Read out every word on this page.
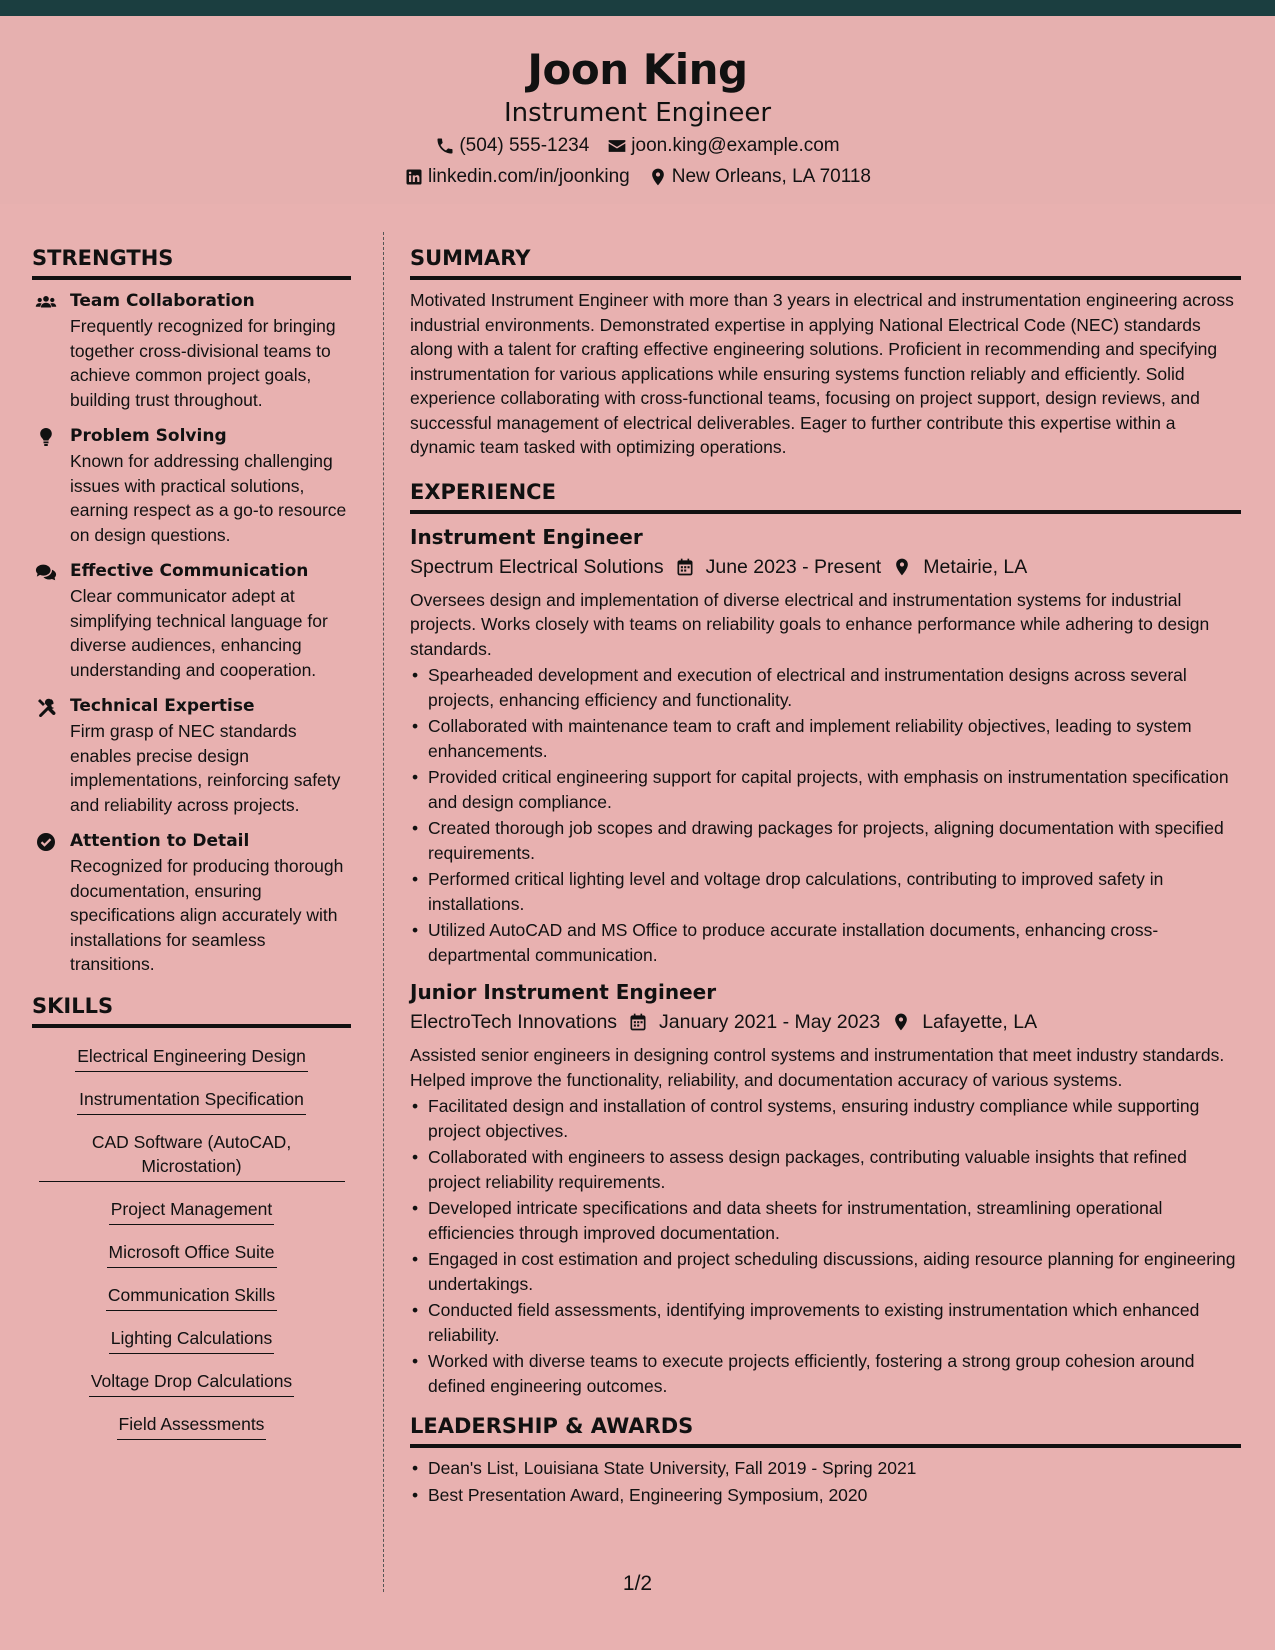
Joon King
Instrument Engineer
(504) 555-1234 joon.king@example.com
linkedin.com/in/joonking New Orleans, LA 70118
STRENGTHS
Team Collaboration

Frequently recognized for bringing together cross-divisional teams to achieve common project goals, building trust throughout.

Problem Solving

Known for addressing challenging issues with practical solutions, earning respect as a go-to resource on design questions.

Effective Communication

Clear communicator adept at simplifying technical language for diverse audiences, enhancing understanding and cooperation.

Technical Expertise

Firm grasp of NEC standards enables precise design implementations, reinforcing safety and reliability across projects.

Attention to Detail

Recognized for producing thorough documentation, ensuring specifications align accurately with installations for seamless transitions.

SKILLS
Electrical Engineering Design
Instrumentation Specification
CAD Software (AutoCAD, Microstation)
Project Management
Microsoft Office Suite
Communication Skills
Lighting Calculations
Voltage Drop Calculations
Field Assessments
SUMMARY

Motivated Instrument Engineer with more than 3 years in electrical and instrumentation engineering across industrial environments. Demonstrated expertise in applying National Electrical Code (NEC) standards along with a talent for crafting effective engineering solutions. Proficient in recommending and specifying instrumentation for various applications while ensuring systems function reliably and efficiently. Solid experience collaborating with cross-functional teams, focusing on project support, design reviews, and successful management of electrical deliverables. Eager to further contribute this expertise within a dynamic team tasked with optimizing operations.

EXPERIENCE
Instrument Engineer
Spectrum Electrical Solutions June 2023 - Present Metairie, LA

Oversees design and implementation of diverse electrical and instrumentation systems for industrial projects. Works closely with teams on reliability goals to enhance performance while adhering to design standards.

• Spearheaded development and execution of electrical and instrumentation designs across several projects, enhancing efficiency and functionality.
• Collaborated with maintenance team to craft and implement reliability objectives, leading to system enhancements.
• Provided critical engineering support for capital projects, with emphasis on instrumentation specification and design compliance.
• Created thorough job scopes and drawing packages for projects, aligning documentation with specified requirements.
• Performed critical lighting level and voltage drop calculations, contributing to improved safety in installations.
• Utilized AutoCAD and MS Office to produce accurate installation documents, enhancing cross-departmental communication.
Junior Instrument Engineer
ElectroTech Innovations January 2021 - May 2023 Lafayette, LA

Assisted senior engineers in designing control systems and instrumentation that meet industry standards. Helped improve the functionality, reliability, and documentation accuracy of various systems.

• Facilitated design and installation of control systems, ensuring industry compliance while supporting project objectives.
• Collaborated with engineers to assess design packages, contributing valuable insights that refined project reliability requirements.
• Developed intricate specifications and data sheets for instrumentation, streamlining operational efficiencies through improved documentation.
• Engaged in cost estimation and project scheduling discussions, aiding resource planning for engineering undertakings.
• Conducted field assessments, identifying improvements to existing instrumentation which enhanced reliability.
• Worked with diverse teams to execute projects efficiently, fostering a strong group cohesion around defined engineering outcomes.
LEADERSHIP & AWARDS
• Dean's List, Louisiana State University, Fall 2019 - Spring 2021
• Best Presentation Award, Engineering Symposium, 2020
1/2
